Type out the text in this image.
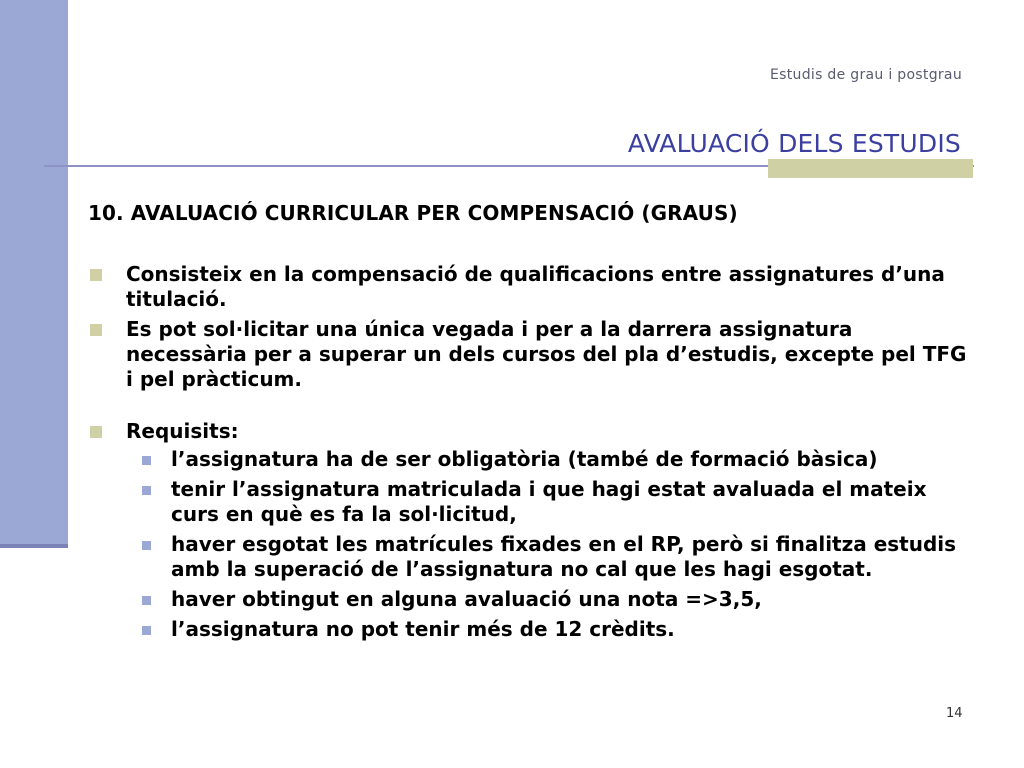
Estudis de grau i postgrau
AVALUACIÓ DELS ESTUDIS
10. AVALUACIÓ CURRICULAR PER COMPENSACIÓ (GRAUS)
Consisteix en la compensació de qualificacions entre assignatures d’una titulació.
Es pot sol·licitar una única vegada i per a la darrera assignatura necessària per a superar un dels cursos del pla d’estudis, excepte pel TFG i pel pràcticum.
Requisits:
l’assignatura ha de ser obligatòria (també de formació bàsica)
tenir l’assignatura matriculada i que hagi estat avaluada el mateix curs en què es fa la sol·licitud,
haver esgotat les matrícules fixades en el RP, però si finalitza estudis amb la superació de l’assignatura no cal que les hagi esgotat.
haver obtingut en alguna avaluació una nota =>3,5,
l’assignatura no pot tenir més de 12 crèdits.
14
